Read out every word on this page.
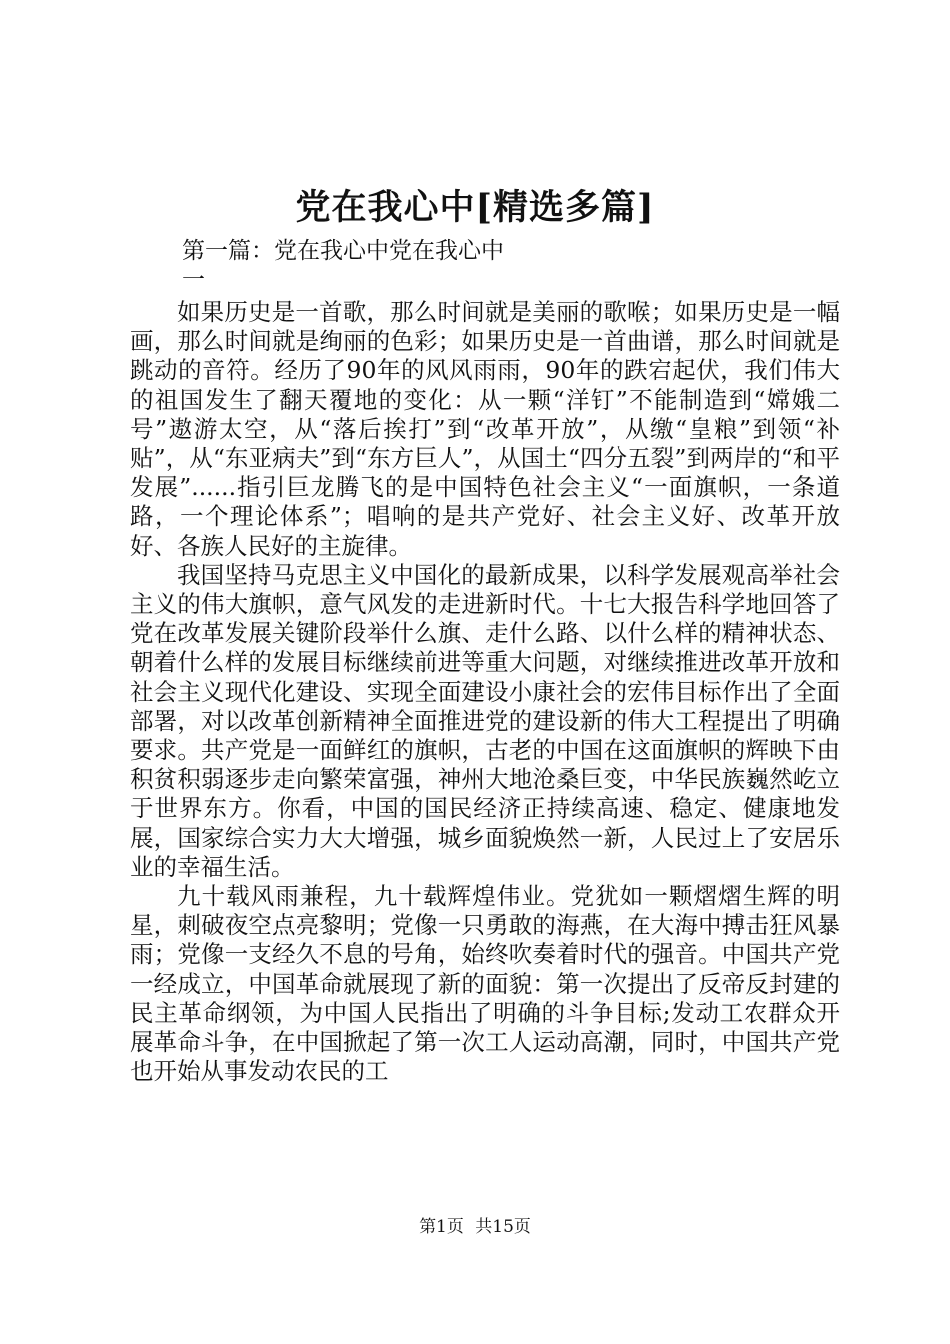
党在我心中[精选多篇]

第一篇：党在我心中党在我心中

一

如果历史是一首歌，那么时间就是美丽的歌喉；如果历史是一幅画，那么时间就是绚丽的色彩；如果历史是一首曲谱，那么时间就是跳动的音符。经历了90年的风风雨雨，90年的跌宕起伏，我们伟大的祖国发生了翻天覆地的变化：从一颗“洋钉”不能制造到“嫦娥二号”遨游太空，从“落后挨打”到“改革开放”，从缴“皇粮”到领“补贴”，从“东亚病夫”到“东方巨人”，从国土“四分五裂”到两岸的“和平发展”......指引巨龙腾飞的是中国特色社会主义“一面旗帜，一条道路，一个理论体系”；唱响的是共产党好、社会主义好、改革开放好、各族人民好的主旋律。

我国坚持马克思主义中国化的最新成果，以科学发展观高举社会主义的伟大旗帜，意气风发的走进新时代。十七大报告科学地回答了党在改革发展关键阶段举什么旗、走什么路、以什么样的精神状态、朝着什么样的发展目标继续前进等重大问题，对继续推进改革开放和社会主义现代化建设、实现全面建设小康社会的宏伟目标作出了全面部署，对以改革创新精神全面推进党的建设新的伟大工程提出了明确要求。共产党是一面鲜红的旗帜，古老的中国在这面旗帜的辉映下由积贫积弱逐步走向繁荣富强，神州大地沧桑巨变，中华民族巍然屹立于世界东方。你看，中国的国民经济正持续高速、稳定、健康地发展，国家综合实力大大增强，城乡面貌焕然一新，人民过上了安居乐业的幸福生活。

九十载风雨兼程，九十载辉煌伟业。党犹如一颗熠熠生辉的明星，刺破夜空点亮黎明；党像一只勇敢的海燕，在大海中搏击狂风暴雨；党像一支经久不息的号角，始终吹奏着时代的强音。中国共产党一经成立，中国革命就展现了新的面貌：第一次提出了反帝反封建的民主革命纲领，为中国人民指出了明确的斗争目标;发动工农群众开展革命斗争，在中国掀起了第一次工人运动高潮，同时，中国共产党也开始从事发动农民的工

第1页 共15页
